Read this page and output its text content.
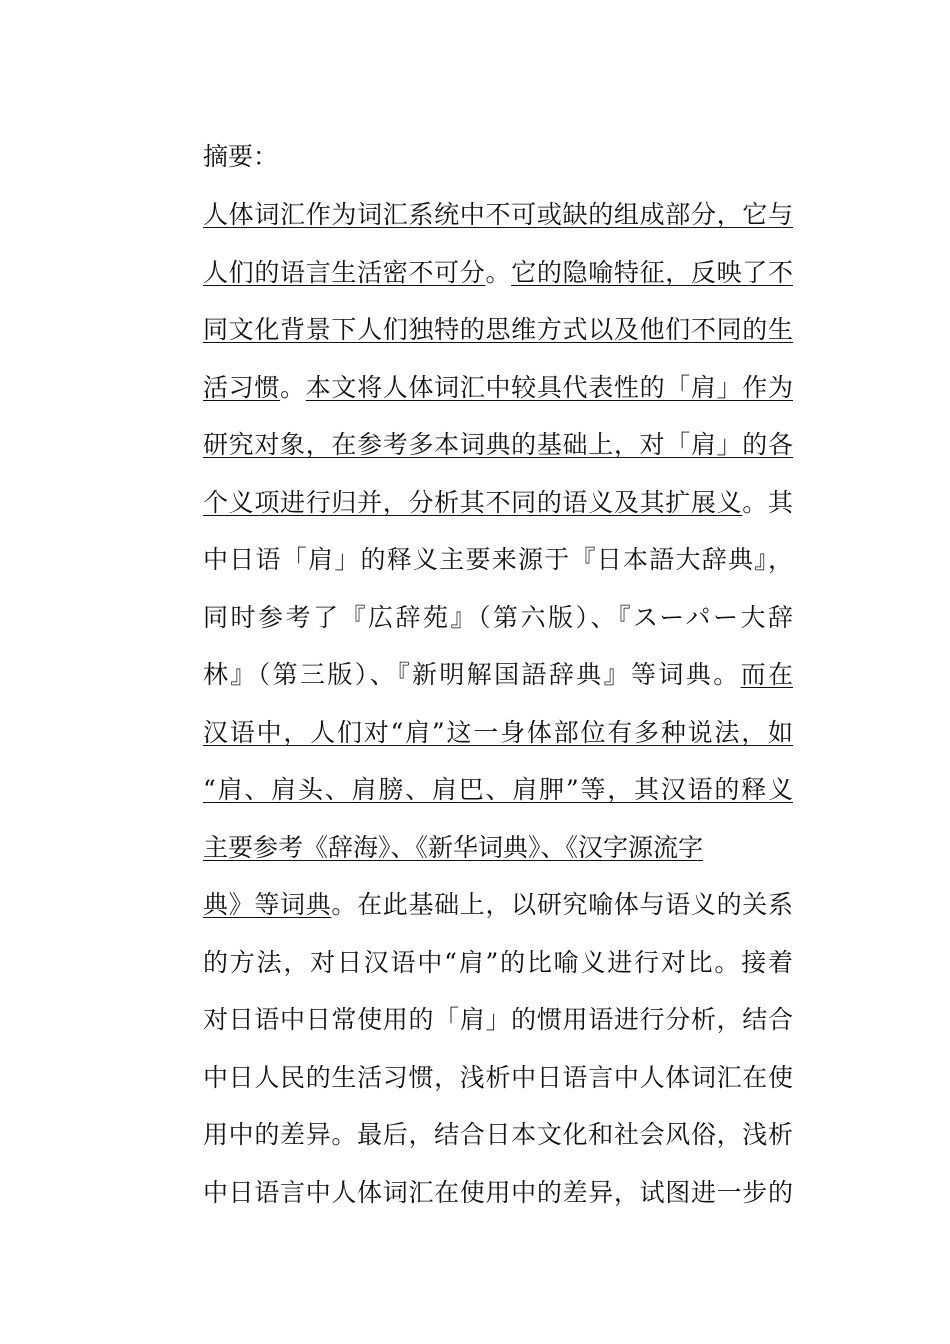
摘要：
人体词汇作为词汇系统中不可或缺的组成部分，它与
人们的语言生活密不可分。它的隐喻特征，反映了不
同文化背景下人们独特的思维方式以及他们不同的生
活习惯。本文将人体词汇中较具代表性的「肩」作为
研究对象，在参考多本词典的基础上，对「肩」的各
个义项进行归并，分析其不同的语义及其扩展义。其
中日语「肩」的释义主要来源于『日本語大辞典』，
同时参考了『広辞苑』（第六版）、『スーパー大辞
林』（第三版）、『新明解国語辞典』等词典。而在
汉语中，人们对“肩”这一身体部位有多种说法，如
“肩、肩头、肩膀、肩巴、肩胛”等，其汉语的释义
主要参考《辞海》、《新华词典》、《汉字源流字
典》等词典。在此基础上，以研究喻体与语义的关系
的方法，对日汉语中“肩”的比喻义进行对比。接着
对日语中日常使用的「肩」的惯用语进行分析，结合
中日人民的生活习惯，浅析中日语言中人体词汇在使
用中的差异。最后，结合日本文化和社会风俗，浅析
中日语言中人体词汇在使用中的差异，试图进一步的
